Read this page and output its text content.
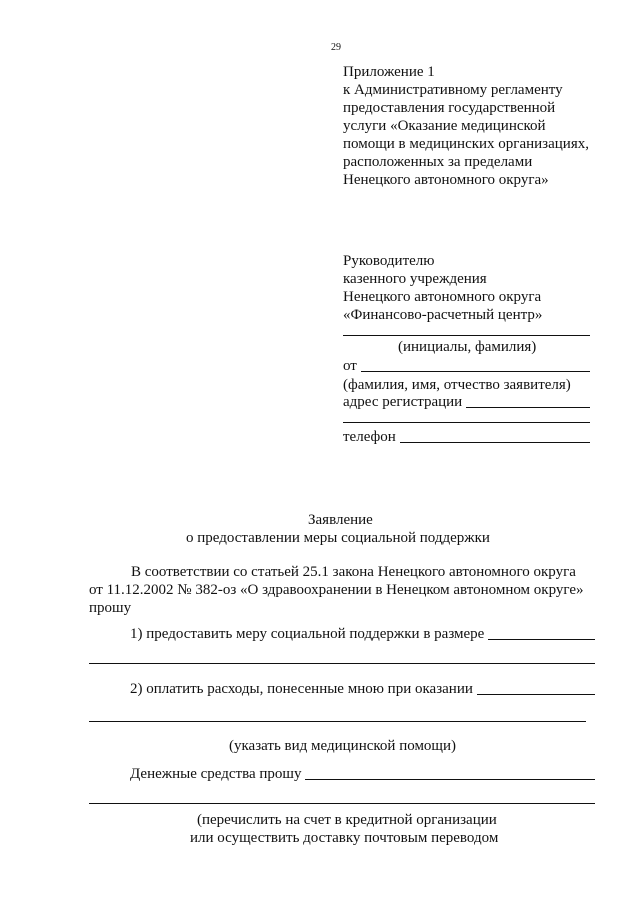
29
Приложение 1
к Административному регламенту
предоставления государственной
услуги «Оказание медицинской
помощи в медицинских организациях,
расположенных за пределами
Ненецкого автономного округа»
Руководителю
казенного учреждения
Ненецкого автономного округа
«Финансово-расчетный центр»
(инициалы, фамилия)
от
(фамилия, имя, отчество заявителя)
адрес регистрации
телефон
Заявление
о предоставлении меры социальной поддержки
В соответствии со статьей 25.1 закона Ненецкого автономного округа
от 11.12.2002 № 382-оз «О здравоохранении в Ненецком автономном округе»
прошу
1) предоставить меру социальной поддержки в размере
2) оплатить расходы, понесенные мною при оказании
(указать вид медицинской помощи)
Денежные средства прошу
(перечислить на счет в кредитной организации
или осуществить доставку почтовым переводом
